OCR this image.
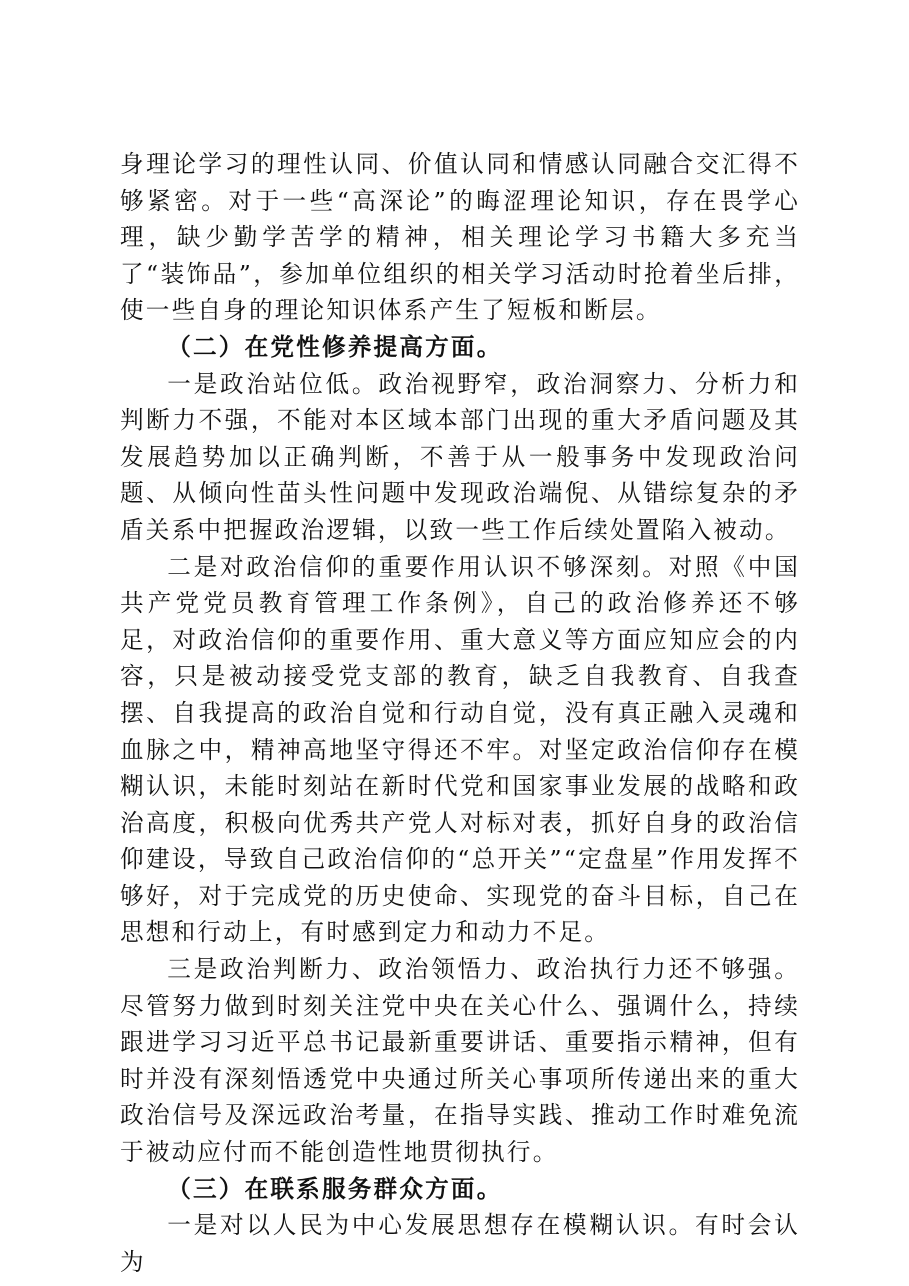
身理论学习的理性认同、价值认同和情感认同融合交汇得不够紧密。对于一些“高深论”的晦涩理论知识，存在畏学心理，缺少勤学苦学的精神，相关理论学习书籍大多充当了“装饰品”，参加单位组织的相关学习活动时抢着坐后排，使一些自身的理论知识体系产生了短板和断层。

（二）在党性修养提高方面。

一是政治站位低。政治视野窄，政治洞察力、分析力和判断力不强，不能对本区域本部门出现的重大矛盾问题及其发展趋势加以正确判断，不善于从一般事务中发现政治问题、从倾向性苗头性问题中发现政治端倪、从错综复杂的矛盾关系中把握政治逻辑，以致一些工作后续处置陷入被动。

二是对政治信仰的重要作用认识不够深刻。对照《中国共产党党员教育管理工作条例》，自己的政治修养还不够足，对政治信仰的重要作用、重大意义等方面应知应会的内容，只是被动接受党支部的教育，缺乏自我教育、自我查摆、自我提高的政治自觉和行动自觉，没有真正融入灵魂和血脉之中，精神高地坚守得还不牢。对坚定政治信仰存在模糊认识，未能时刻站在新时代党和国家事业发展的战略和政治高度，积极向优秀共产党人对标对表，抓好自身的政治信仰建设，导致自己政治信仰的“总开关”“定盘星”作用发挥不够好，对于完成党的历史使命、实现党的奋斗目标，自己在思想和行动上，有时感到定力和动力不足。

三是政治判断力、政治领悟力、政治执行力还不够强。尽管努力做到时刻关注党中央在关心什么、强调什么，持续跟进学习习近平总书记最新重要讲话、重要指示精神，但有时并没有深刻悟透党中央通过所关心事项所传递出来的重大政治信号及深远政治考量，在指导实践、推动工作时难免流于被动应付而不能创造性地贯彻执行。

（三）在联系服务群众方面。

一是对以人民为中心发展思想存在模糊认识。有时会认为
